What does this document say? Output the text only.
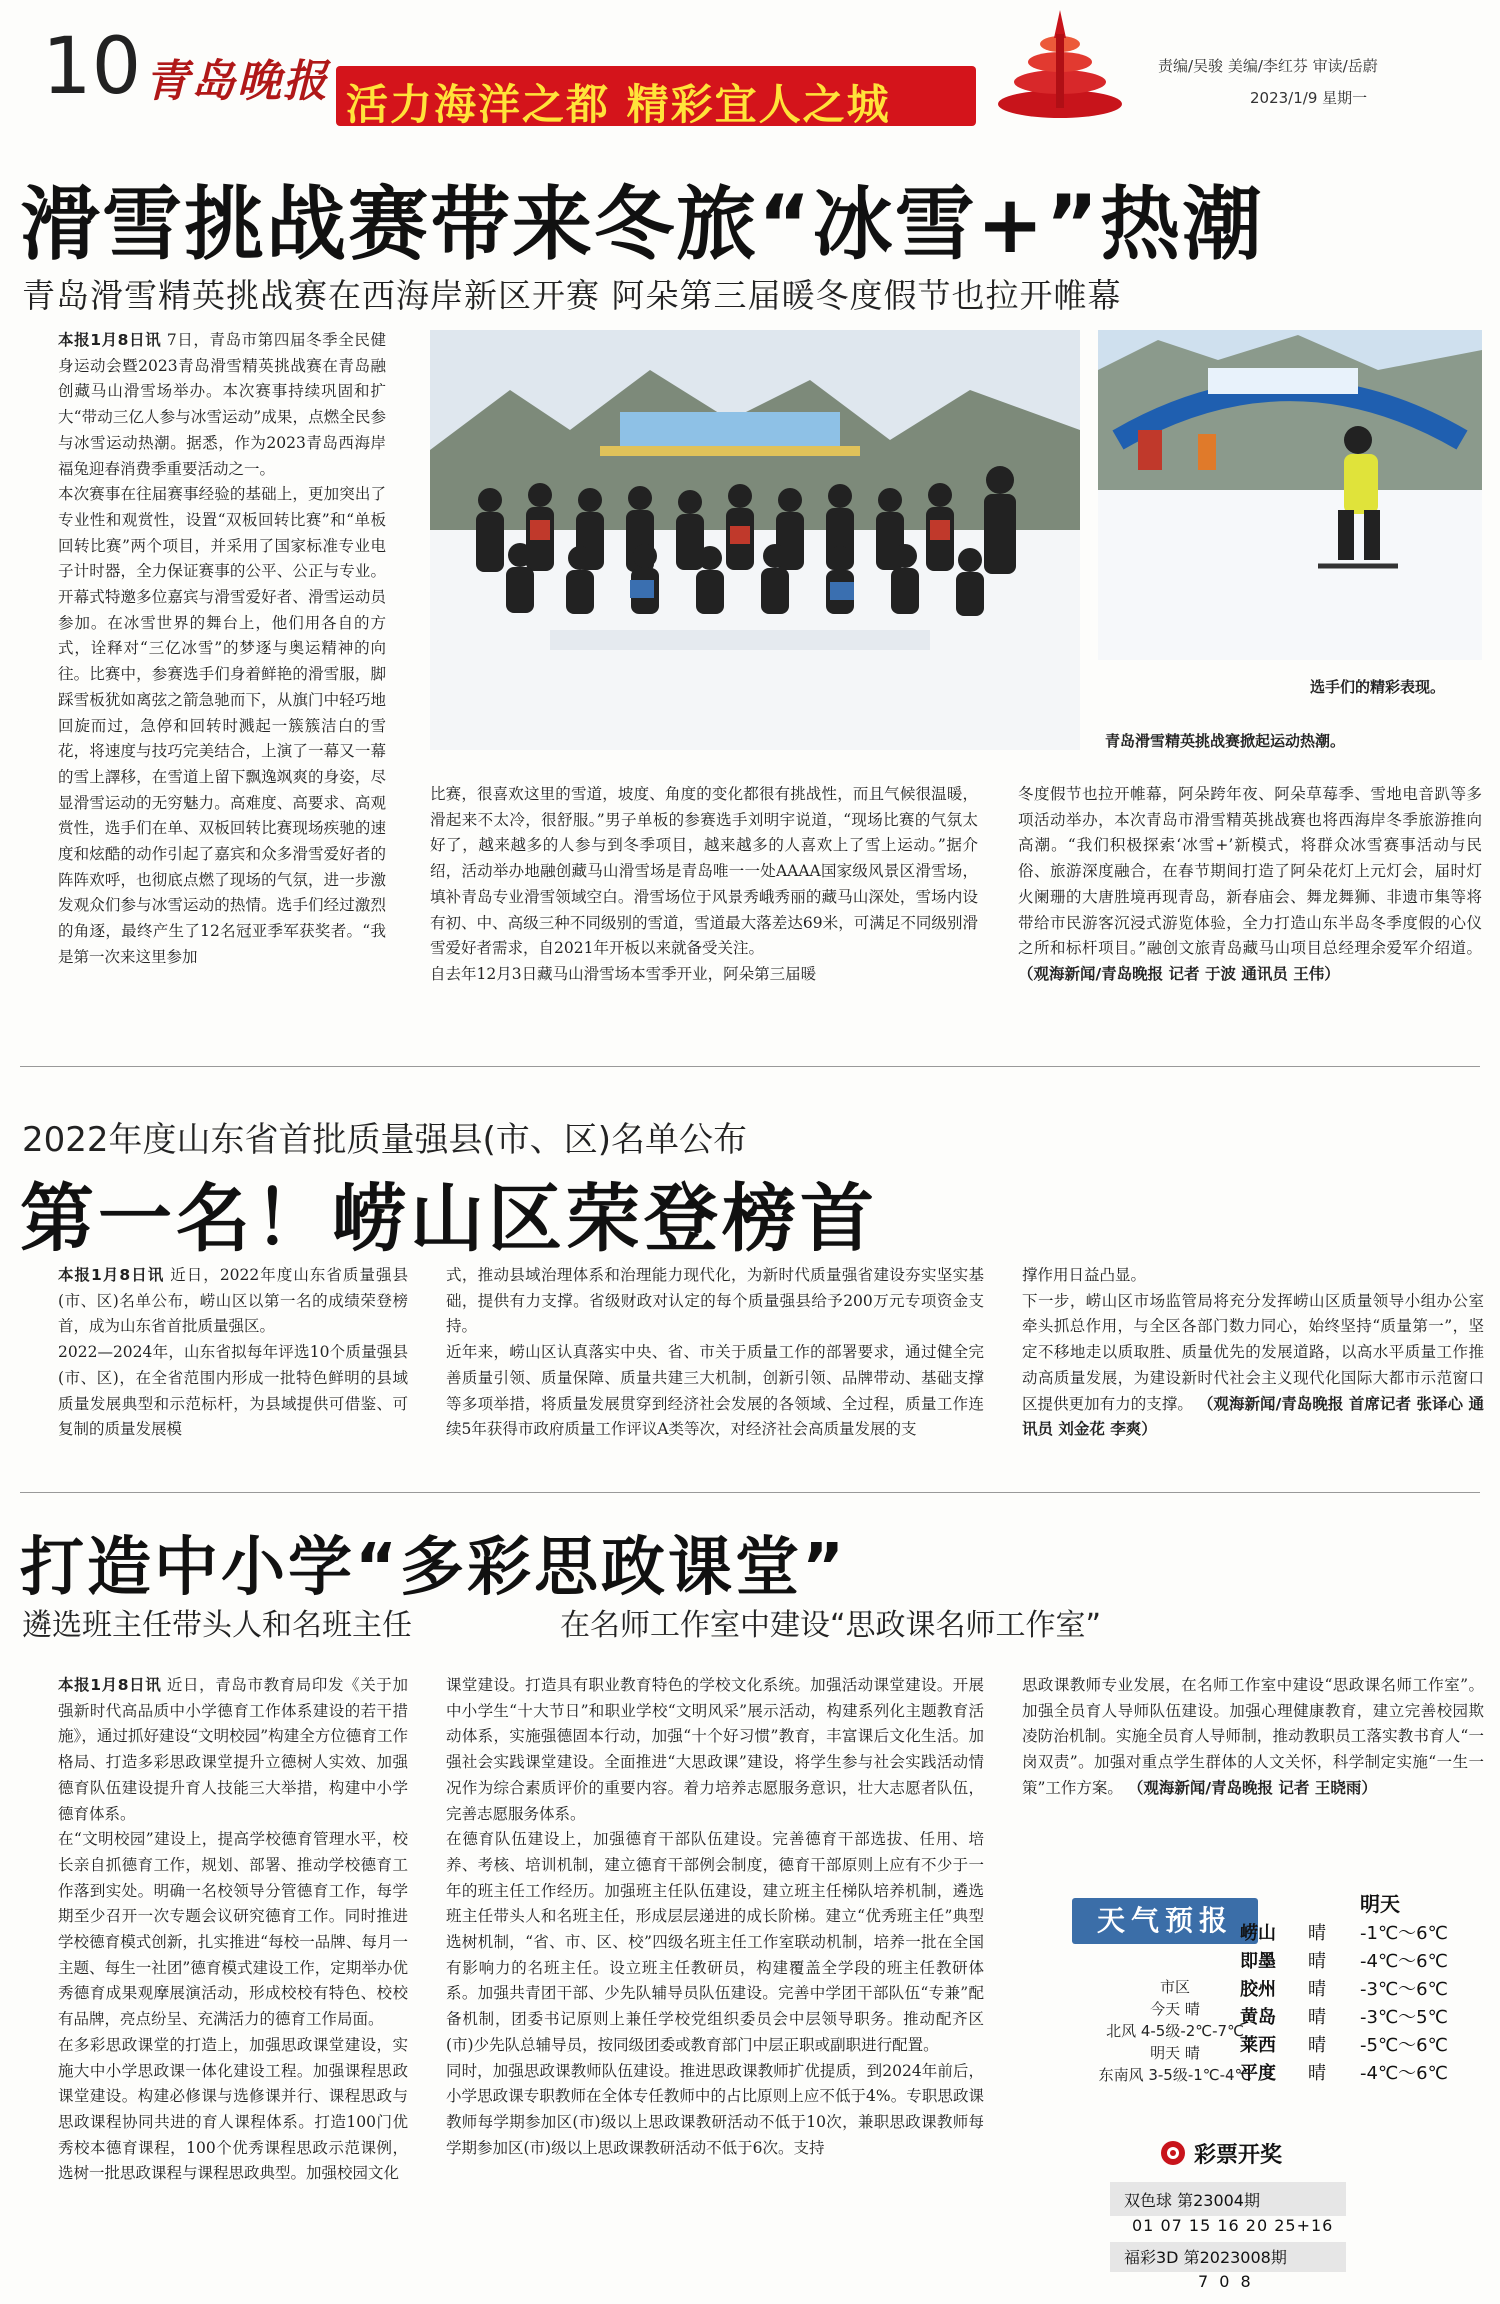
10 青岛晚报 活力海洋之都 精彩宜人之城
责编/吴骏 美编/李红芬 审读/岳蔚
2023/1/9 星期一
滑雪挑战赛带来冬旅“冰雪+”热潮
青岛滑雪精英挑战赛在西海岸新区开赛 阿朵第三届暖冬度假节也拉开帷幕
本报1月8日讯 7日，青岛市第四届冬季全民健身运动会暨2023青岛滑雪精英挑战赛在青岛融创藏马山滑雪场举办。本次赛事持续巩固和扩大“带动三亿人参与冰雪运动”成果，点燃全民参与冰雪运动热潮。据悉，作为2023青岛西海岸福兔迎春消费季重要活动之一。
本次赛事在往届赛事经验的基础上，更加突出了专业性和观赏性，设置“双板回转比赛”和“单板回转比赛”两个项目，并采用了国家标准专业电子计时器，全力保证赛事的公平、公正与专业。开幕式特邀多位嘉宾与滑雪爱好者、滑雪运动员参加。在冰雪世界的舞台上，他们用各自的方式，诠释对“三亿冰雪”的梦逐与奥运精神的向往。比赛中，参赛选手们身着鲜艳的滑雪服，脚踩雪板犹如离弦之箭急驰而下，从旗门中轻巧地回旋而过，急停和回转时溅起一簇簇洁白的雪花，将速度与技巧完美结合，上演了一幕又一幕的雪上譯移，在雪道上留下飘逸飒爽的身姿，尽显滑雪运动的无穷魅力。高难度、高要求、高观赏性，选手们在单、双板回转比赛现场疾驰的速度和炫酷的动作引起了嘉宾和众多滑雪爱好者的阵阵欢呼，也彻底点燃了现场的气氛，进一步激发观众们参与冰雪运动的热情。选手们经过激烈的角逐，最终产生了12名冠亚季军获奖者。“我是第一次来这里参加
选手们的精彩表现。
青岛滑雪精英挑战赛掀起运动热潮。
比赛，很喜欢这里的雪道，坡度、角度的变化都很有挑战性，而且气候很温暖，滑起来不太冷，很舒服。”男子单板的参赛选手刘明宇说道，“现场比赛的气氛太好了，越来越多的人参与到冬季项目，越来越多的人喜欢上了雪上运动。”据介绍，活动举办地融创藏马山滑雪场是青岛唯一一处AAAA国家级风景区滑雪场，填补青岛专业滑雪领域空白。滑雪场位于风景秀峨秀丽的藏马山深处，雪场内设有初、中、高级三种不同级别的雪道，雪道最大落差达69米，可满足不同级别滑雪爱好者需求，自2021年开板以来就备受关注。
自去年12月3日藏马山滑雪场本雪季开业，阿朵第三届暖
冬度假节也拉开帷幕，阿朵跨年夜、阿朵草莓季、雪地电音趴等多项活动举办，本次青岛市滑雪精英挑战赛也将西海岸冬季旅游推向高潮。“我们积极探索‘冰雪+’新模式，将群众冰雪赛事活动与民俗、旅游深度融合，在春节期间打造了阿朵花灯上元灯会，届时灯火阑珊的大唐胜境再现青岛，新春庙会、舞龙舞狮、非遗市集等将带给市民游客沉浸式游览体验，全力打造山东半岛冬季度假的心仪之所和标杆项目。”融创文旅青岛藏马山项目总经理余爱军介绍道。 （观海新闻/青岛晚报 记者 于波 通讯员 王伟）
2022年度山东省首批质量强县(市、区)名单公布
第一名！崂山区荣登榜首
本报1月8日讯 近日，2022年度山东省质量强县(市、区)名单公布，崂山区以第一名的成绩荣登榜首，成为山东省首批质量强区。
2022—2024年，山东省拟每年评选10个质量强县(市、区)，在全省范围内形成一批特色鲜明的县域质量发展典型和示范标杆，为县域提供可借鉴、可复制的质量发展模
式，推动县域治理体系和治理能力现代化，为新时代质量强省建设夯实坚实基础，提供有力支撑。省级财政对认定的每个质量强县给予200万元专项资金支持。
近年来，崂山区认真落实中央、省、市关于质量工作的部署要求，通过健全完善质量引领、质量保障、质量共建三大机制，创新引领、品牌带动、基础支撑等多项举措，将质量发展贯穿到经济社会发展的各领域、全过程，质量工作连续5年获得市政府质量工作评议A类等次，对经济社会高质量发展的支
撑作用日益凸显。
下一步，崂山区市场监管局将充分发挥崂山区质量领导小组办公室牵头抓总作用，与全区各部门数力同心，始终坚持“质量第一”，坚定不移地走以质取胜、质量优先的发展道路，以高水平质量工作推动高质量发展，为建设新时代社会主义现代化国际大都市示范窗口区提供更加有力的支撑。 （观海新闻/青岛晚报 首席记者 张译心 通讯员 刘金花 李爽）
打造中小学“多彩思政课堂”
遴选班主任带头人和名班主任	在名师工作室中建设“思政课名师工作室”
本报1月8日讯 近日，青岛市教育局印发《关于加强新时代高品质中小学德育工作体系建设的若干措施》，通过抓好建设“文明校园”构建全方位德育工作格局、打造多彩思政课堂提升立德树人实效、加强德育队伍建设提升育人技能三大举措，构建中小学德育体系。
在“文明校园”建设上，提高学校德育管理水平，校长亲自抓德育工作，规划、部署、推动学校德育工作落到实处。明确一名校领导分管德育工作，每学期至少召开一次专题会议研究德育工作。同时推进学校德育模式创新，扎实推进“每校一品牌、每月一主题、每生一社团”德育模式建设工作，定期举办优秀德育成果观摩展演活动，形成校校有特色、校校有品牌，亮点纷呈、充满活力的德育工作局面。
在多彩思政课堂的打造上，加强思政课堂建设，实施大中小学思政课一体化建设工程。加强课程思政课堂建设。构建必修课与选修课并行、课程思政与思政课程协同共进的育人课程体系。打造100门优秀校本德育课程，100个优秀课程思政示范课例，选树一批思政课程与课程思政典型。加强校园文化
课堂建设。打造具有职业教育特色的学校文化系统。加强活动课堂建设。开展中小学生“十大节日”和职业学校“文明风采”展示活动，构建系列化主题教育活动体系，实施强德固本行动，加强“十个好习惯”教育，丰富课后文化生活。加强社会实践课堂建设。全面推进“大思政课”建设，将学生参与社会实践活动情况作为综合素质评价的重要内容。着力培养志愿服务意识，壮大志愿者队伍，完善志愿服务体系。
在德育队伍建设上，加强德育干部队伍建设。完善德育干部选拔、任用、培养、考核、培训机制，建立德育干部例会制度，德育干部原则上应有不少于一年的班主任工作经历。加强班主任队伍建设，建立班主任梯队培养机制，遴选班主任带头人和名班主任，形成层层递进的成长阶梯。建立“优秀班主任”典型选树机制，“省、市、区、校”四级名班主任工作室联动机制，培养一批在全国有影响力的名班主任。设立班主任教研员，构建覆盖全学段的班主任教研体系。加强共青团干部、少先队辅导员队伍建设。完善中学团干部队伍“专兼”配备机制，团委书记原则上兼任学校党组织委员会中层领导职务。推动配齐区(市)少先队总辅导员，按同级团委或教育部门中层正职或副职进行配置。
同时，加强思政课教师队伍建设。推进思政课教师扩优提质，到2024年前后，小学思政课专职教师在全体专任教师中的占比原则上应不低于4%。专职思政课教师每学期参加区(市)级以上思政课教研活动不低于10次，兼职思政课教师每学期参加区(市)级以上思政课教研活动不低于6次。支持
思政课教师专业发展，在名师工作室中建设“思政课名师工作室”。加强全员育人导师队伍建设。加强心理健康教育，建立完善校园欺凌防治机制。实施全员育人导师制，推动教职员工落实教书育人“一岗双责”。加强对重点学生群体的人文关怀，科学制定实施“一生一策”工作方案。 （观海新闻/青岛晚报 记者 王晓雨）
天气预报	明天
市区
今天 晴
北风 4-5级-2℃-7℃
明天 晴
东南风 3-5级-1℃-4℃
崂山	晴	-1℃～6℃
即墨	晴	-4℃～6℃
胶州	晴	-3℃～6℃
黄岛	晴	-3℃～5℃
莱西	晴	-5℃～6℃
平度	晴	-4℃～6℃
彩票开奖
双色球 第23004期
01 07 15 16 20 25+16
福彩3D 第2023008期
7 0 8
